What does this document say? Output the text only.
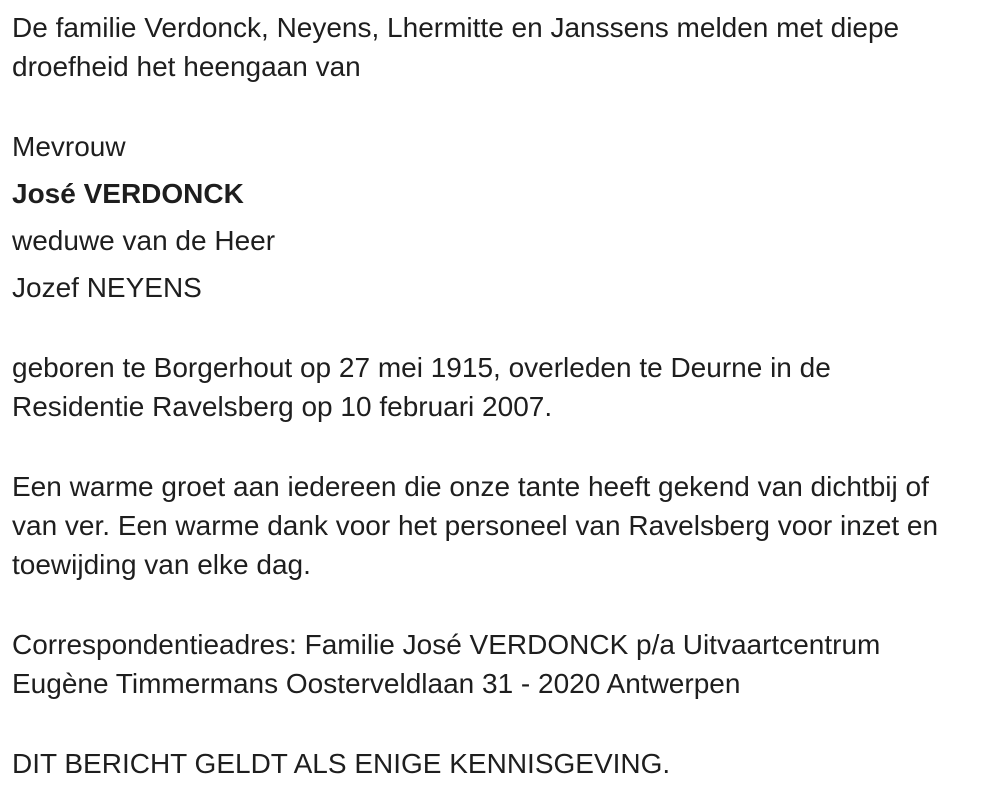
De familie Verdonck, Neyens, Lhermitte en Janssens melden met diepe droefheid het heengaan van

Mevrouw
José VERDONCK
weduwe van de Heer
Jozef NEYENS

geboren te Borgerhout op 27 mei 1915, overleden te Deurne in de Residentie Ravelsberg op 10 februari 2007.

Een warme groet aan iedereen die onze tante heeft gekend van dichtbij of van ver. Een warme dank voor het personeel van Ravelsberg voor inzet en toewijding van elke dag.

Correspondentieadres: Familie José VERDONCK p/a Uitvaartcentrum Eugène Timmermans Oosterveldlaan 31 - 2020 Antwerpen

DIT BERICHT GELDT ALS ENIGE KENNISGEVING.
